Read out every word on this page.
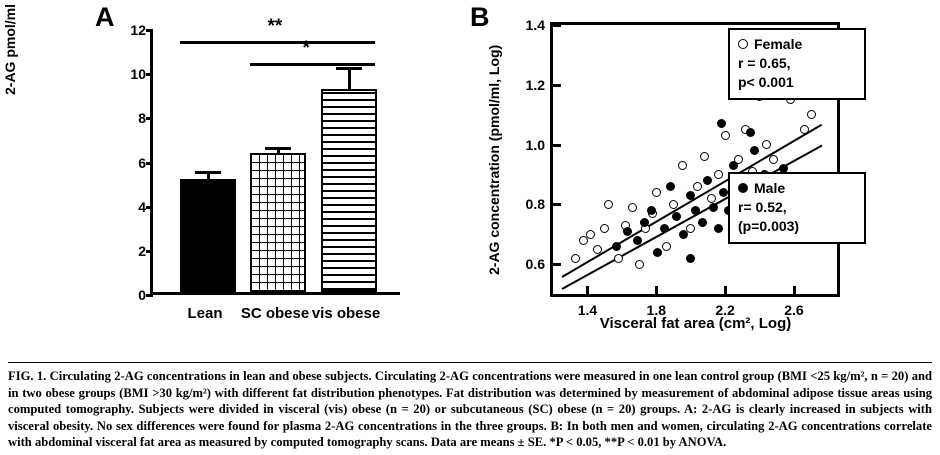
A
2-AG pmol/ml
0
2
4
6
8
10
12
Lean	SC obese vis obese
**
*
B
2-AG concentration (pmol/ml, Log)
Visceral fat area (cm², Log)
0.6
0.8
1.0
1.2
1.4
1.4	1.8	2.2	2.6
Female
r = 0.65,
p< 0.001
Male
r= 0.52,
(p=0.003)
FIG. 1. Circulating 2-AG concentrations in lean and obese subjects. Circulating 2-AG concentrations were measured in one lean control group (BMI <25 kg/m², n = 20) and in two obese groups (BMI >30 kg/m²) with different fat distribution phenotypes. Fat distribution was determined by measurement of abdominal adipose tissue areas using computed tomography. Subjects were divided in visceral (vis) obese (n = 20) or subcutaneous (SC) obese (n = 20) groups. A: 2-AG is clearly increased in subjects with visceral obesity. No sex differences were found for plasma 2-AG concentrations in the three groups. B: In both men and women, circulating 2-AG concentrations correlate with abdominal visceral fat area as measured by computed tomography scans. Data are means ± SE. *P < 0.05, **P < 0.01 by ANOVA.
